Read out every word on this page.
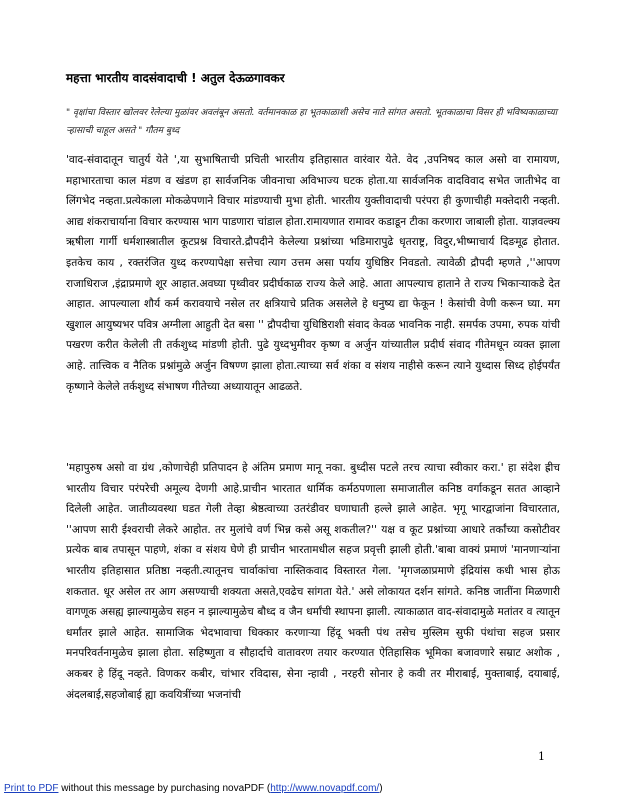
महत्ता भारतीय वादसंवादाची ! अतुल देऊळगावकर
" वृक्षांचा विस्तार खोलवर रेलेल्या मुळांवर अवलंबून असतो. वर्तमानकाळ हा भूतकाळाशी असेच नाते सांगत असतो. भूतकाळाचा विसर ही भविष्यकाळाच्या ऱ्हासाची चाहूल असते " गौतम बुध्द
'वाद-संवादातून चातुर्य येते ',या सुभाषिताची प्रचिती भारतीय इतिहासात वारंवार येते. वेद ,उपनिषद काल असो वा रामायण, महाभारताचा काल मंडण व खंडण हा सार्वजनिक जीवनाचा अविभाज्य घटक होता.या सार्वजनिक वादविवाद सभेत जातीभेद वा लिंगभेद नव्हता.प्रत्येकाला मोकळेपणाने विचार मांडण्याची मुभा होती. भारतीय युक्तीवादाची परंपरा ही कुणाचीही मक्तेदारी नव्हती. आद्य शंकराचार्याना विचार करण्यास भाग पाडणारा चांडाल होता.रामायणात रामावर कडाडून टीका करणारा जाबाली होता. याज्ञवल्क्य ऋषीला गार्गी धर्मशास्त्रातील कूटप्रश्न विचारते.द्रौपदीने केलेल्या प्रश्नांच्या भडिमारापुढे धृतराष्ट्र, विदुर,भीष्माचार्य दिङमूढ होतात. इतकेच काय , रक्तरंजित युध्द करण्यापेक्षा सत्तेचा त्याग उत्तम असा पर्याय युधिष्ठिर निवडतो. त्यावेळी द्रौपदी म्हणते ,''आपण राजाधिराज ,इंद्राप्रमाणे शूर आहात.अवघ्या पृथ्वीवर प्रदीर्घकाळ राज्य केले आहे. आता आपल्याच हाताने ते राज्य भिकाऱ्याकडे देत आहात. आपल्याला शौर्य कर्म करावयाचे नसेल तर क्षत्रियाचे प्रतिक असलेले हे धनुष्य द्या फेकून ! केसांची वेणी करून घ्या. मग खुशाल आयुष्यभर पवित्र अग्नीला आहुती देत बसा '' द्रौपदीचा युधिष्ठिराशी संवाद केवळ भावनिक नाही. समर्पक उपमा, रुपक यांची पखरण करीत केलेली ती तर्कशुध्द मांडणी होती. पुढे युध्दभुमीवर कृष्ण व अर्जुन यांच्यातील प्रदीर्घ संवाद गीतेमधून व्यक्त झाला आहे. तात्त्विक व नैतिक प्रश्नांमुळे अर्जुन विषण्ण झाला होता.त्याच्या सर्व शंका व संशय नाहीसे करून त्याने युध्दास सिध्द होईपर्यंत कृष्णाने केलेले तर्कशुध्द संभाषण गीतेच्या अध्यायातून आढळते.
'महापुरुष असो वा ग्रंथ ,कोणाचेही प्रतिपादन हे अंतिम प्रमाण मानू नका. बुध्दीस पटले तरच त्याचा स्वीकार करा.' हा संदेश ह्रीच भारतीय विचार परंपरेची अमूल्य देणगी आहे.प्राचीन भारतात धार्मिक कर्मठपणाला समाजातील कनिष्ठ वर्गाकडून सतत आव्हाने दिलेली आहेत. जातीव्यवस्था घडत गेली तेव्हा श्रेष्ठत्वाच्या उतरंडीवर घणाघाती हल्ले झाले आहेत. भृगू भारद्वाजांना विचारतात, ''आपण सारी ईश्वराची लेकरे आहोत. तर मुलांचे वर्ण भिन्न कसे असू शकतील?'' यक्ष व कूट प्रश्नांच्या आधारे तर्कांच्या कसोटीवर प्रत्येक बाब तपासून पाहणे, शंका व संशय घेणे ही प्राचीन भारतामधील सहज प्रवृत्ती झाली होती.'बाबा वाक्यं प्रमाणं 'मानणाऱ्यांना भारतीय इतिहासात प्रतिष्ठा नव्हती.त्यातूनच चार्वाकांचा नास्तिकवाद विस्तारत गेला. 'मृगजळाप्रमाणे इंद्रियांस कधी भास होऊ शकतात. धूर असेल तर आग असण्याची शक्यता असते,एवढेच सांगता येते.' असे लोकायत दर्शन सांगते. कनिष्ठ जातींना मिळणारी वागणूक असह्य झाल्यामुळेच सहन न झाल्यामुळेच बौध्द व जैन धर्मांची स्थापना झाली. त्याकाळात वाद-संवादामुळे मतांतर व त्यातून धर्मांतर झाले आहेत. सामाजिक भेदभावाचा धिक्कार करणाऱ्या हिंदू भक्ती पंथ तसेच मुस्लिम सुफी पंथांचा सहज प्रसार मनपरिवर्तनामुळेच झाला होता. सहिष्णुता व सौहार्दाचे वातावरण तयार करण्यात ऐतिहासिक भूमिका बजावणारे सम्राट अशोक , अकबर हे हिंदू नव्हते. विणकर कबीर, चांभार रविदास, सेना न्हावी , नरहरी सोनार हे कवी तर मीराबाई, मुक्ताबाई, दयाबाई, अंदलबाई,सहजोबाई ह्या कवयित्रींच्या भजनांची
1
Print to PDF without this message by purchasing novaPDF (http://www.novapdf.com/)
